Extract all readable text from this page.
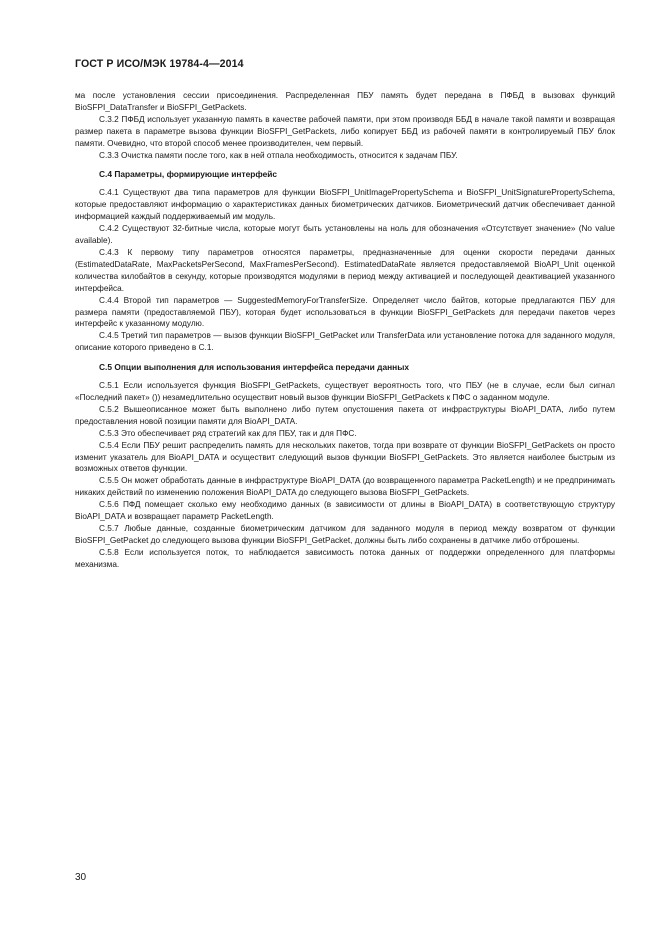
ГОСТ Р ИСО/МЭК 19784-4—2014

ма после установления сессии присоединения. Распределенная ПБУ память будет передана в ПФБД в вызовах функций BioSFPI_DataTransfer и BioSFPI_GetPackets.

C.3.2 ПФБД использует указанную память в качестве рабочей памяти, при этом производя ББД в начале такой памяти и возвращая размер пакета в параметре вызова функции BioSFPI_GetPackets, либо копирует ББД из рабочей памяти в контролируемый ПБУ блок памяти. Очевидно, что второй способ менее производителен, чем первый.

C.3.3 Очистка памяти после того, как в ней отпала необходимость, относится к задачам ПБУ.

C.4 Параметры, формирующие интерфейс

C.4.1 Существуют два типа параметров для функции BioSFPI_UnitImagePropertySchema и BioSFPI_UnitSignaturePropertySchema, которые предоставляют информацию о характеристиках данных биометрических датчиков. Биометрический датчик обеспечивает данной информацией каждый поддерживаемый им модуль.

C.4.2 Существуют 32-битные числа, которые могут быть установлены на ноль для обозначения «Отсутствует значение» (No value available).

C.4.3 К первому типу параметров относятся параметры, предназначенные для оценки скорости передачи данных (EstimatedDataRate, MaxPacketsPerSecond, MaxFramesPerSecond). EstimatedDataRate является предоставляемой BioAPI_Unit оценкой количества килобайтов в секунду, которые производятся модулями в период между активацией и последующей деактивацией указанного интерфейса.

C.4.4 Второй тип параметров — SuggestedMemoryForTransferSize. Определяет число байтов, которые предлагаются ПБУ для размера памяти (предоставляемой ПБУ), которая будет использоваться в функции BioSFPI_GetPackets для передачи пакетов через интерфейс к указанному модулю.

C.4.5 Третий тип параметров — вызов функции BioSFPI_GetPacket или TransferData или установление потока для заданного модуля, описание которого приведено в C.1.

C.5 Опции выполнения для использования интерфейса передачи данных

C.5.1 Если используется функция BioSFPI_GetPackets, существует вероятность того, что ПБУ (не в случае, если был сигнал «Последний пакет» ()) незамедлительно осуществит новый вызов функции BioSFPI_GetPackets к ПФС о заданном модуле.

C.5.2 Вышеописанное может быть выполнено либо путем опустошения пакета от инфраструктуры BioAPI_DATA, либо путем предоставления новой позиции памяти для BioAPI_DATA.

C.5.3 Это обеспечивает ряд стратегий как для ПБУ, так и для ПФС.

C.5.4 Если ПБУ решит распределить память для нескольких пакетов, тогда при возврате от функции BioSFPI_GetPackets он просто изменит указатель для BioAPI_DATA и осуществит следующий вызов функции BioSFPI_GetPackets. Это является наиболее быстрым из возможных ответов функции.

C.5.5 Он может обработать данные в инфраструктуре BioAPI_DATA (до возвращенного параметра PacketLength) и не предпринимать никаких действий по изменению положения BioAPI_DATA до следующего вызова BioSFPI_GetPackets.

C.5.6 ПФД помещает сколько ему необходимо данных (в зависимости от длины в BioAPI_DATA) в соответствующую структуру BioAPI_DATA и возвращает параметр PacketLength.

C.5.7 Любые данные, созданные биометрическим датчиком для заданного модуля в период между возвратом от функции BioSFPI_GetPacket до следующего вызова функции BioSFPI_GetPacket, должны быть либо сохранены в датчике либо отброшены.

C.5.8 Если используется поток, то наблюдается зависимость потока данных от поддержки определенного для платформы механизма.

30
